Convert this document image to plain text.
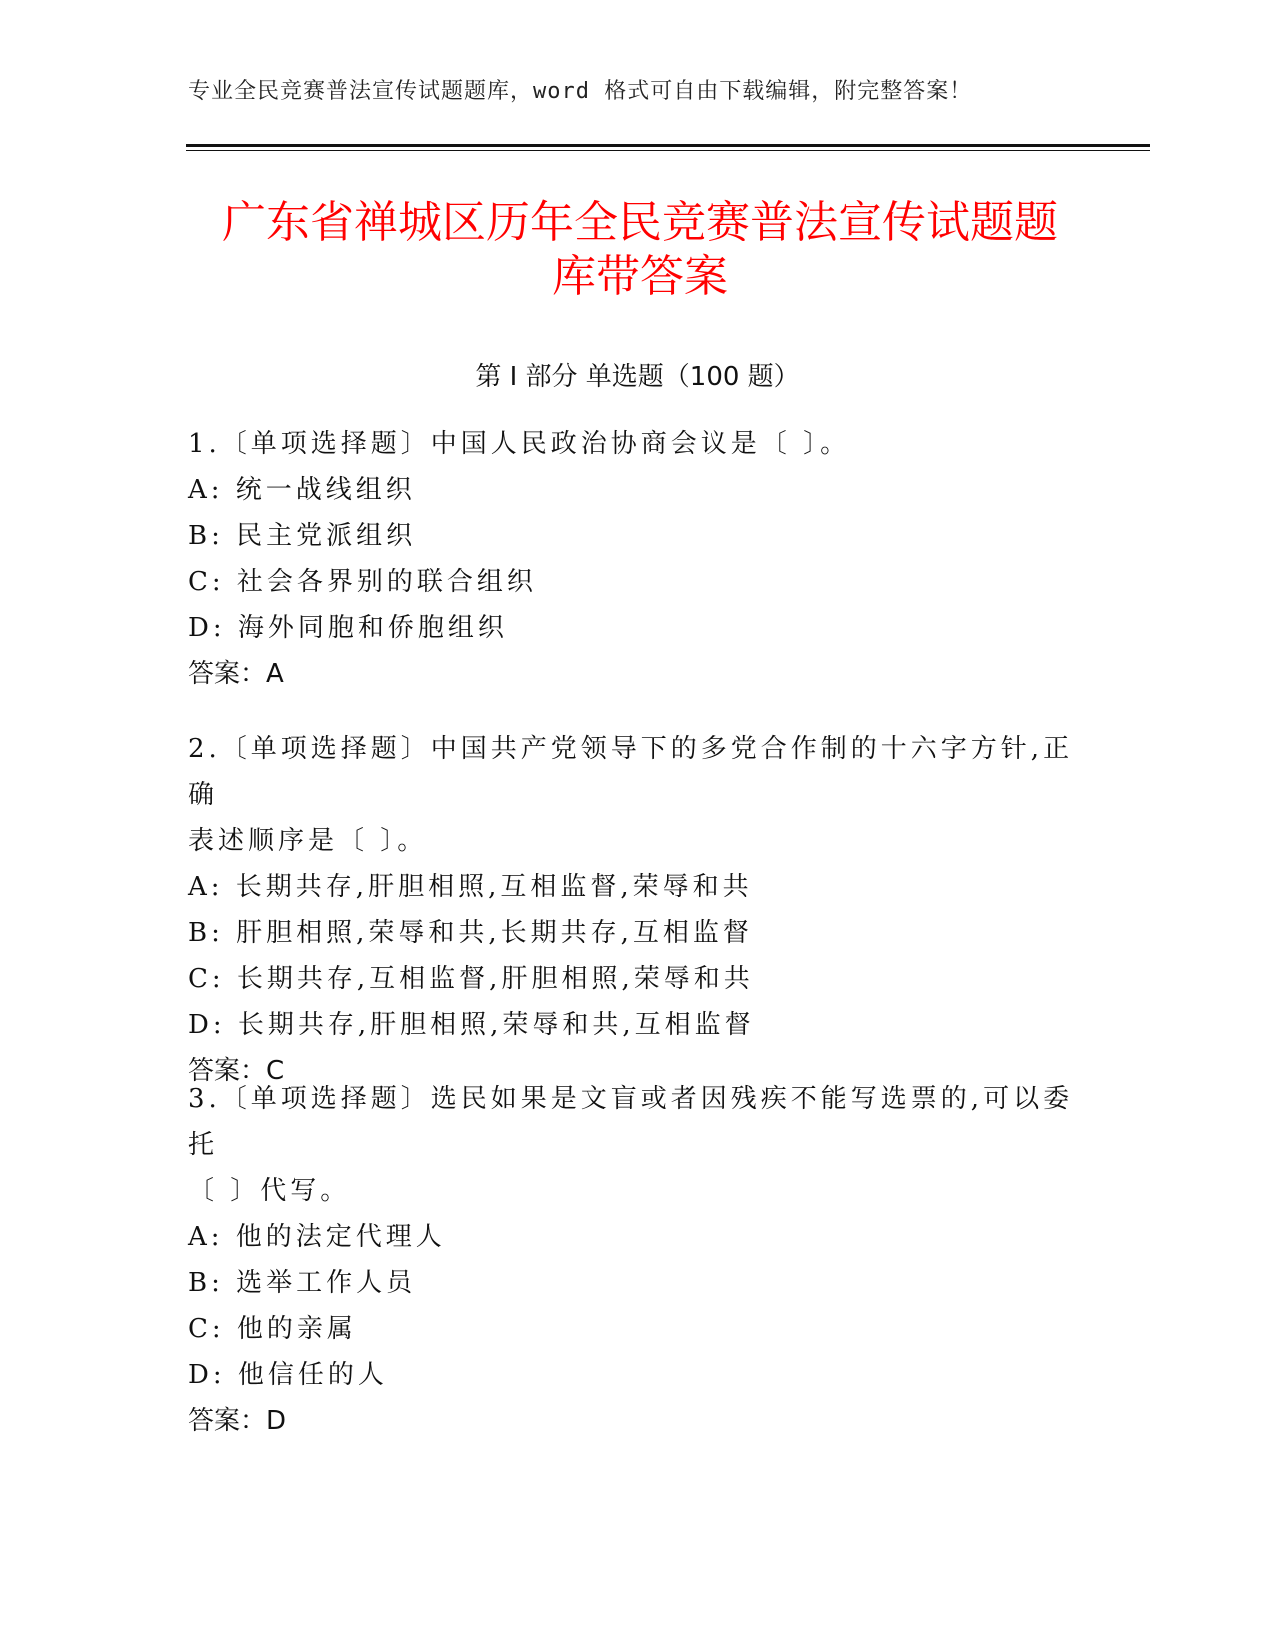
专业全民竞赛普法宣传试题题库，word 格式可自由下载编辑，附完整答案！
广东省禅城区历年全民竞赛普法宣传试题题
库带答案
第 I 部分 单选题（100 题）

1.〔单项选择题〕中国人民政治协商会议是〔 〕。

A: 统一战线组织

B: 民主党派组织

C: 社会各界别的联合组织

D: 海外同胞和侨胞组织

答案：A

2.〔单项选择题〕中国共产党领导下的多党合作制的十六字方针,正确

表述顺序是〔 〕。

A: 长期共存,肝胆相照,互相监督,荣辱和共

B: 肝胆相照,荣辱和共,长期共存,互相监督

C: 长期共存,互相监督,肝胆相照,荣辱和共

D: 长期共存,肝胆相照,荣辱和共,互相监督

答案：C

3.〔单项选择题〕选民如果是文盲或者因残疾不能写选票的,可以委托

〔 〕代写。

A: 他的法定代理人

B: 选举工作人员

C: 他的亲属

D: 他信任的人

答案：D
